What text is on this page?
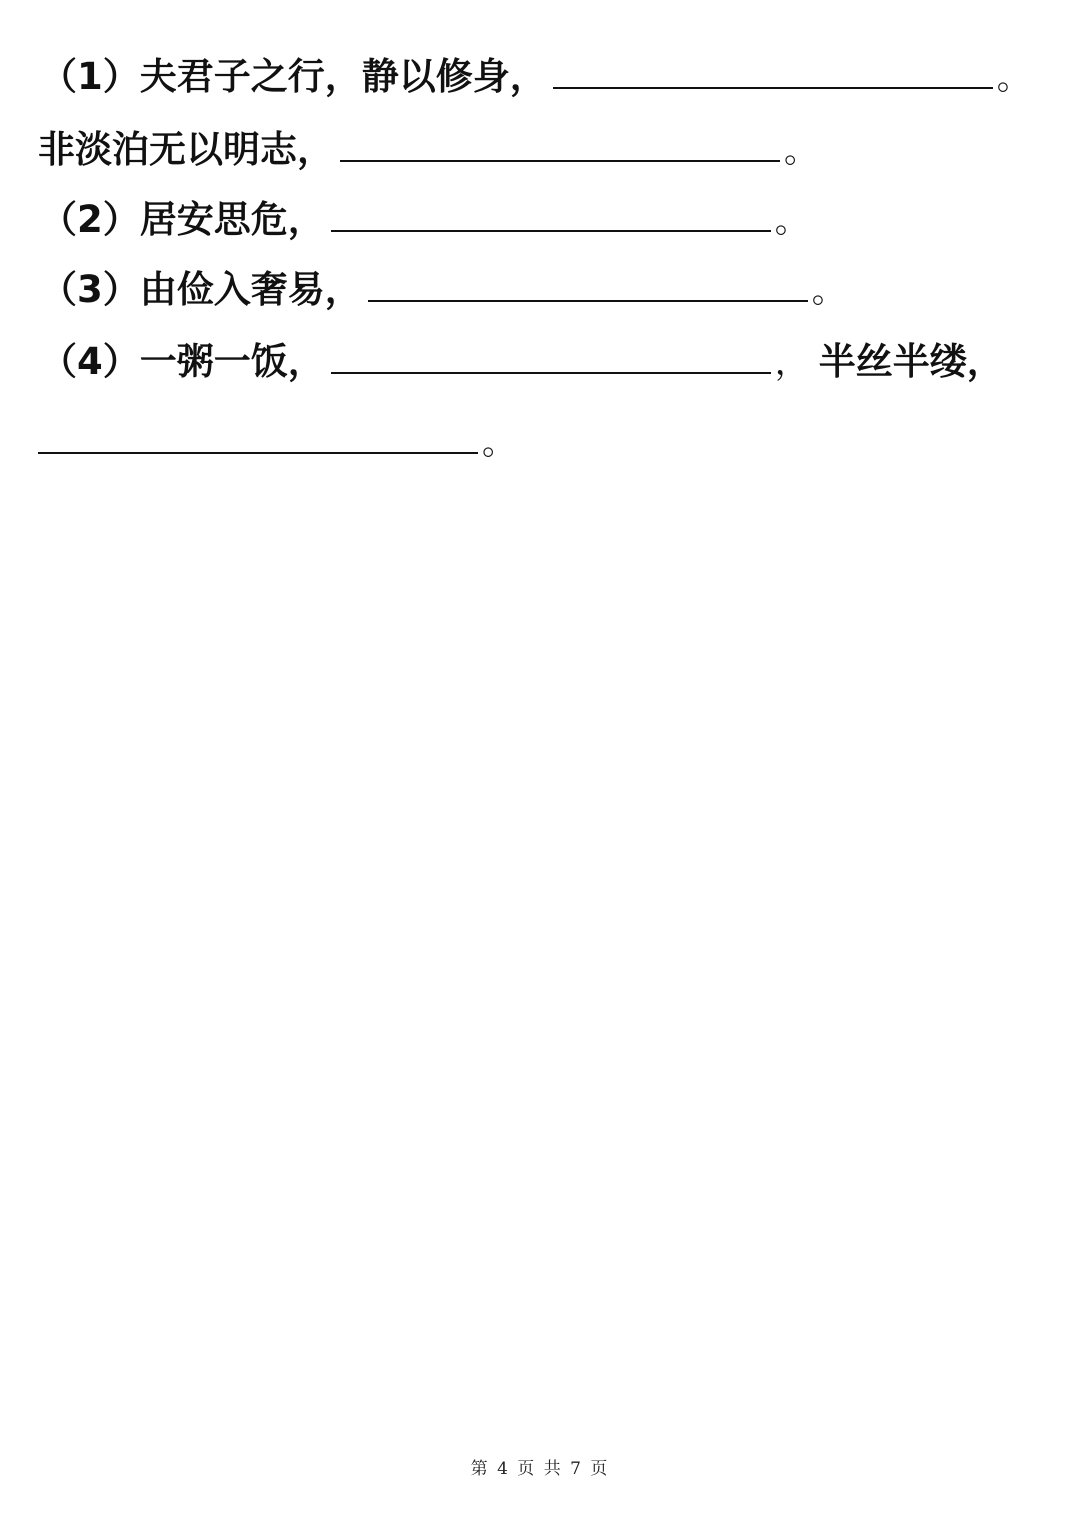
（1）夫君子之行，静以修身，	。
非淡泊无以明志，	。
（2）居安思危，	。
（3）由俭入奢易，	。
（4）一粥一饭，	， 半丝半缕，
。
第 4 页 共 7 页
